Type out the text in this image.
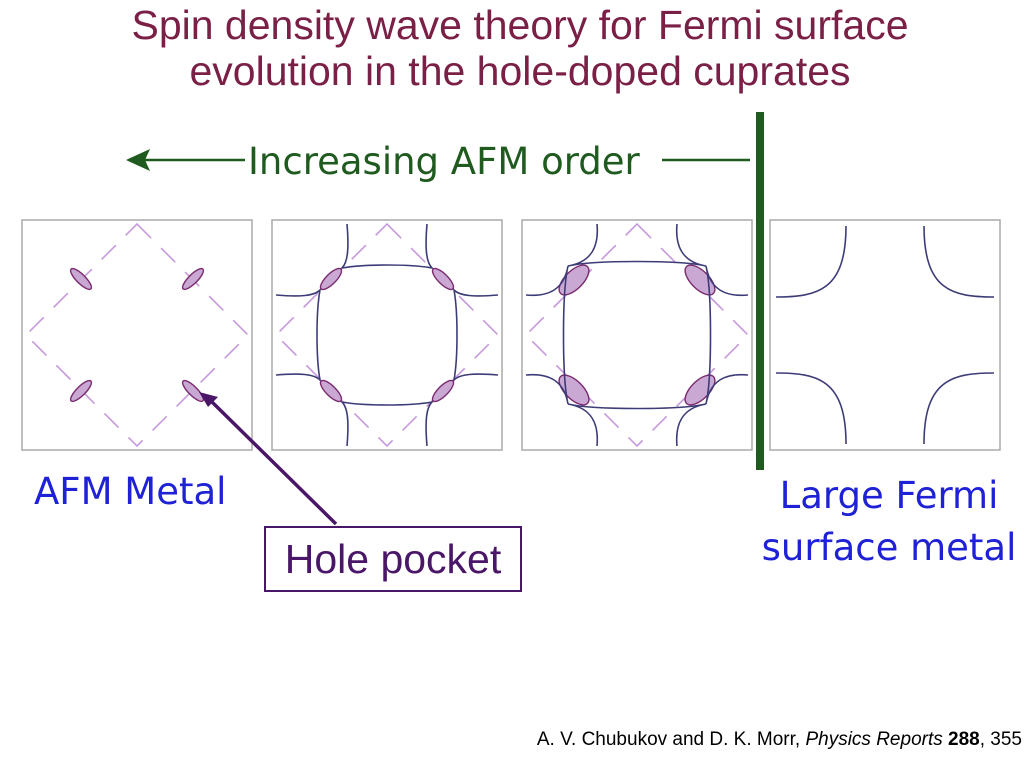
Spin density wave theory for Fermi surface
evolution in the hole-doped cuprates
Increasing AFM order
AFM Metal	Large Fermi
surface metal
Hole pocket
A. V. Chubukov and D. K. Morr, Physics Reports 288, 355
